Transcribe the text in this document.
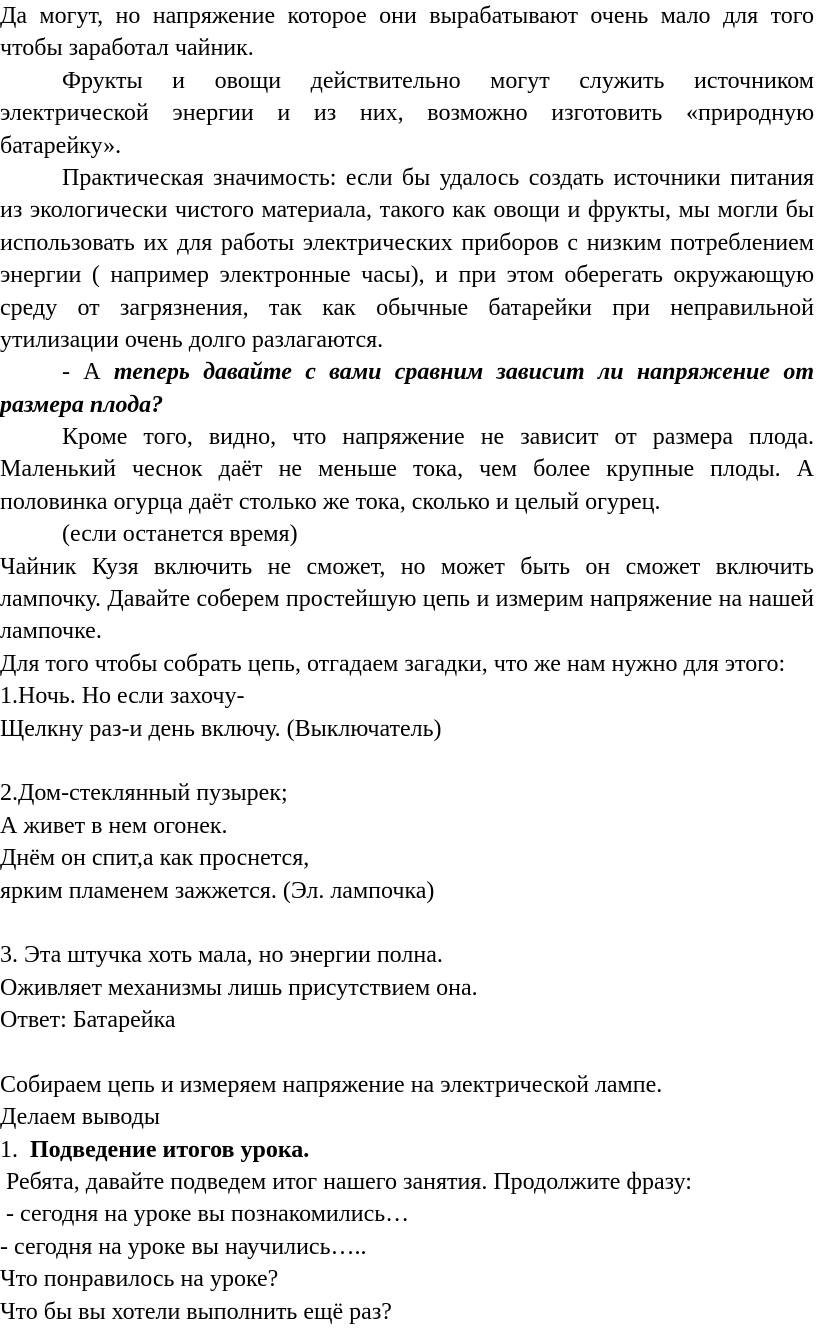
Да могут, но напряжение которое они вырабатывают очень мало для того
чтобы заработал чайник.
Фрукты и овощи действительно могут служить источником
электрической энергии и из них, возможно изготовить «природную
батарейку».
Практическая значимость: если бы удалось создать источники питания
из экологически чистого материала, такого как овощи и фрукты, мы могли бы
использовать их для работы электрических приборов с низким потреблением
энергии ( например электронные часы), и при этом оберегать окружающую
среду от загрязнения, так как обычные батарейки при неправильной
утилизации очень долго разлагаются.
- А теперь давайте с вами сравним зависит ли напряжение от
размера плода?
Кроме того, видно, что напряжение не зависит от размера плода.
Маленький чеснок даёт не меньше тока, чем более крупные плоды. А
половинка огурца даёт столько же тока, сколько и целый огурец.
(если останется время)
Чайник Кузя включить не сможет, но может быть он сможет включить
лампочку. Давайте соберем простейшую цепь и измерим напряжение на нашей
лампочке.
Для того чтобы собрать цепь, отгадаем загадки, что же нам нужно для этого:
1.Ночь. Но если захочу-
Щелкну раз-и день включу. (Выключатель)
2.Дом-стеклянный пузырек;
А живет в нем огонек.
Днём он спит,а как проснется,
ярким пламенем зажжется. (Эл. лампочка)
3. Эта штучка хоть мала, но энергии полна.
Оживляет механизмы лишь присутствием она.
Ответ: Батарейка
Собираем цепь и измеряем напряжение на электрической лампе.
Делаем выводы
1. Подведение итогов урока.
Ребята, давайте подведем итог нашего занятия. Продолжите фразу:
- сегодня на уроке вы познакомились…
- сегодня на уроке вы научились…..
Что понравилось на уроке?
Что бы вы хотели выполнить ещё раз?
